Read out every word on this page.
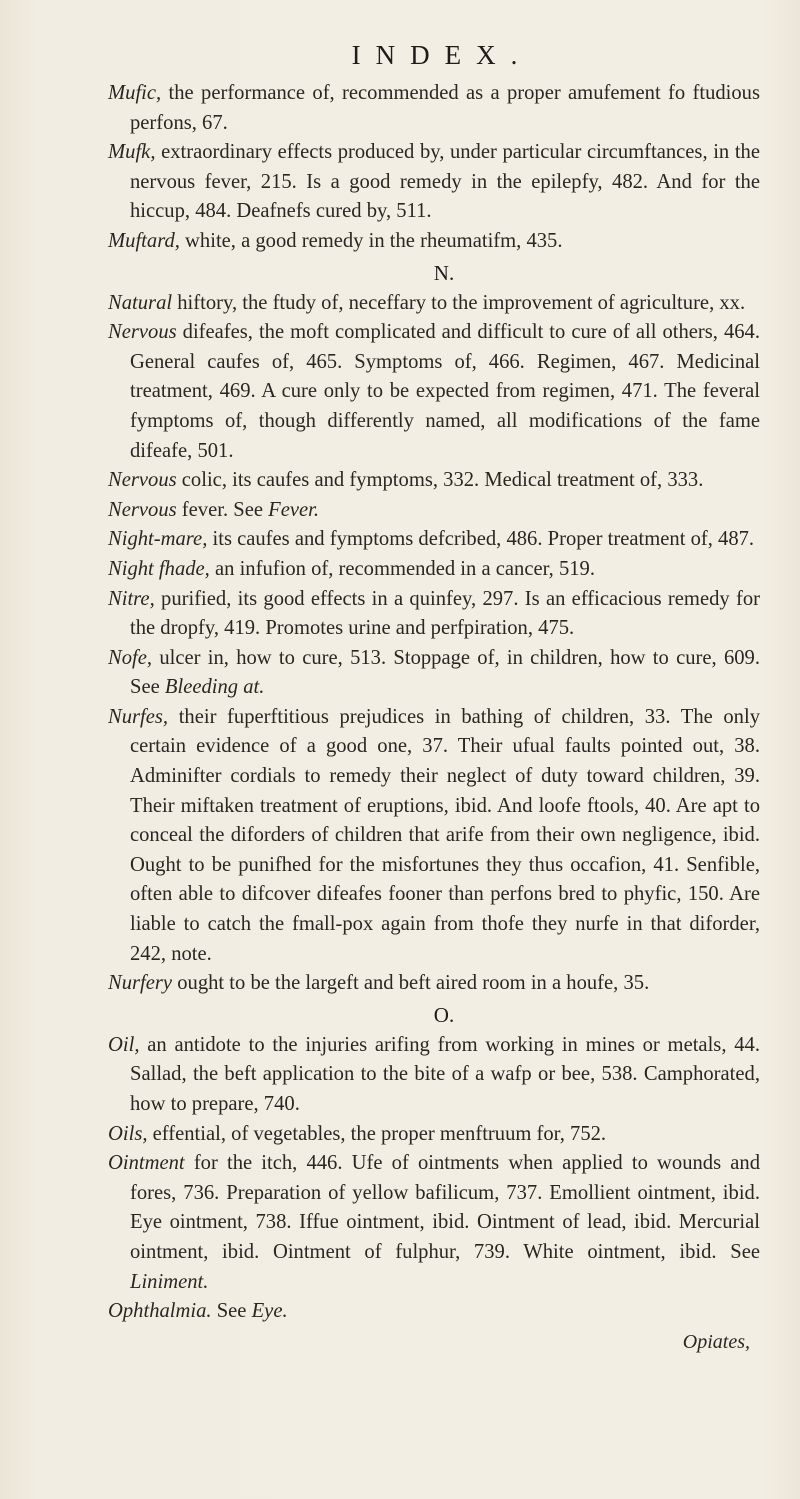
INDEX.

Mufic, the performance of, recommended as a proper amufement fo ftudious perfons, 67.

Mufk, extraordinary effects produced by, under particular circumftances, in the nervous fever, 215. Is a good remedy in the epilepfy, 482. And for the hiccup, 484. Deafnefs cured by, 511.

Muftard, white, a good remedy in the rheumatifm, 435.

N.

Natural hiftory, the ftudy of, neceffary to the improvement of agriculture, xx.

Nervous difeafes, the moft complicated and difficult to cure of all others, 464. General caufes of, 465. Symptoms of, 466. Regimen, 467. Medicinal treatment, 469. A cure only to be expected from regimen, 471. The feveral fymptoms of, though differently named, all modifications of the fame difeafe, 501.

Nervous colic, its caufes and fymptoms, 332. Medical treatment of, 333.

Nervous fever. See Fever.

Night-mare, its caufes and fymptoms defcribed, 486. Proper treatment of, 487.

Night fhade, an infufion of, recommended in a cancer, 519.

Nitre, purified, its good effects in a quinfey, 297. Is an efficacious remedy for the dropfy, 419. Promotes urine and perfpiration, 475.

Nofe, ulcer in, how to cure, 513. Stoppage of, in children, how to cure, 609. See Bleeding at.

Nurfes, their fuperftitious prejudices in bathing of children, 33. The only certain evidence of a good one, 37. Their ufual faults pointed out, 38. Adminifter cordials to remedy their neglect of duty toward children, 39. Their miftaken treatment of eruptions, ibid. And loofe ftools, 40. Are apt to conceal the diforders of children that arife from their own negligence, ibid. Ought to be punifhed for the misfortunes they thus occafion, 41. Senfible, often able to difcover difeafes fooner than perfons bred to phyfic, 150. Are liable to catch the fmall-pox again from thofe they nurfe in that diforder, 242, note.

Nurfery ought to be the largeft and beft aired room in a houfe, 35.

O.

Oil, an antidote to the injuries arifing from working in mines or metals, 44. Sallad, the beft application to the bite of a wafp or bee, 538. Camphorated, how to prepare, 740.

Oils, effential, of vegetables, the proper menftruum for, 752.

Ointment for the itch, 446. Ufe of ointments when applied to wounds and fores, 736. Preparation of yellow bafilicum, 737. Emollient ointment, ibid. Eye ointment, 738. Iffue ointment, ibid. Ointment of lead, ibid. Mercurial ointment, ibid. Ointment of fulphur, 739. White ointment, ibid. See Liniment.

Ophthalmia. See Eye.

Opiates,
